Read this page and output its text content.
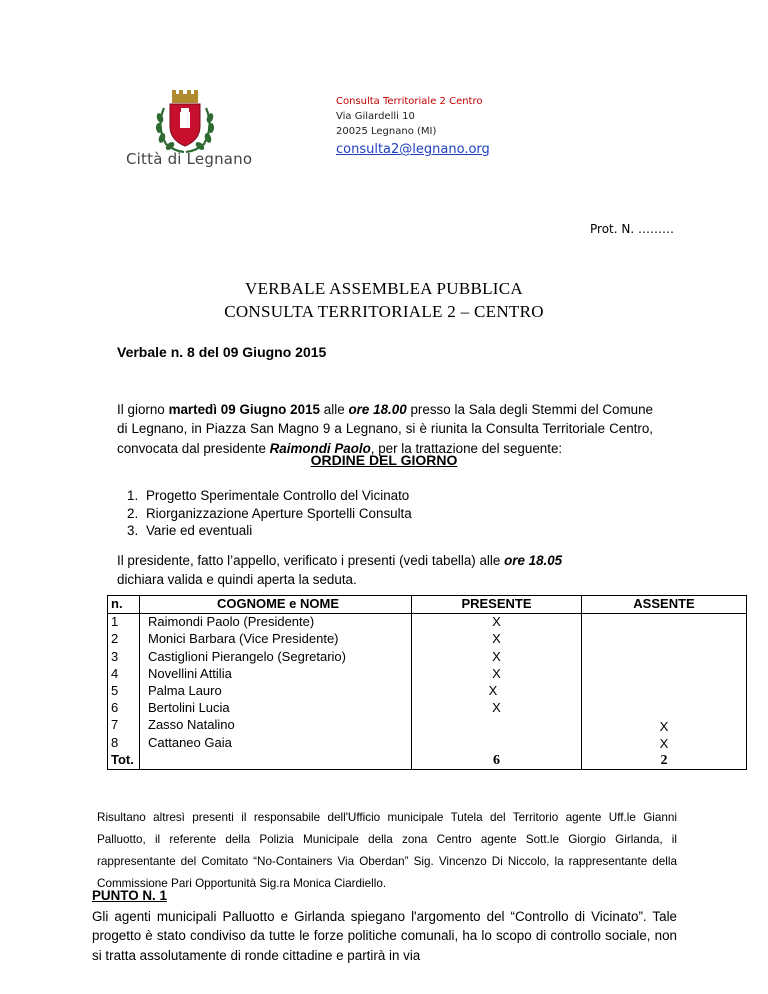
Città di Legnano
Consulta Territoriale 2 Centro
Via Gilardelli 10
20025 Legnano (MI)
consulta2@legnano.org
Prot. N. ………
VERBALE ASSEMBLEA PUBBLICA
CONSULTA TERRITORIALE 2 – CENTRO
Verbale n. 8 del 09 Giugno 2015
Il giorno martedì 09 Giugno 2015 alle ore 18.00 presso la Sala degli Stemmi del Comune di Legnano, in Piazza San Magno 9 a Legnano, si è riunita la Consulta Territoriale Centro, convocata dal presidente Raimondi Paolo, per la trattazione del seguente:
ORDINE DEL GIORNO
1. Progetto Sperimentale Controllo del Vicinato
2. Riorganizzazione Aperture Sportelli Consulta
3. Varie ed eventuali
Il presidente, fatto l’appello, verificato i presenti (vedi tabella) alle ore 18.05
dichiara valida e quindi aperta la seduta.
n.	COGNOME e NOME	PRESENTE	ASSENTE
1	Raimondi Paolo (Presidente)	X	
2	Monici Barbara (Vice Presidente)	X	
3	Castiglioni Pierangelo (Segretario)	X	
4	Novellini Attilia	X	
5	Palma Lauro	X	
6	Bertolini Lucia	X	
7	Zasso Natalino		X
8	Cattaneo Gaia		X
Tot.		6	2
Risultano altresì presenti il responsabile dell'Ufficio municipale Tutela del Territorio agente Uff.le Gianni Palluotto, il referente della Polizia Municipale della zona Centro agente Sott.le Giorgio Girlanda, il rappresentante del Comitato “No-Containers Via Oberdan” Sig. Vincenzo Di Niccolo, la rappresentante della Commissione Pari Opportunità Sig.ra Monica Ciardiello.
PUNTO N. 1
Gli agenti municipali Palluotto e Girlanda spiegano l'argomento del “Controllo di Vicinato”. Tale progetto è stato condiviso da tutte le forze politiche comunali, ha lo scopo di controllo sociale, non si tratta assolutamente di ronde cittadine e partirà in via
